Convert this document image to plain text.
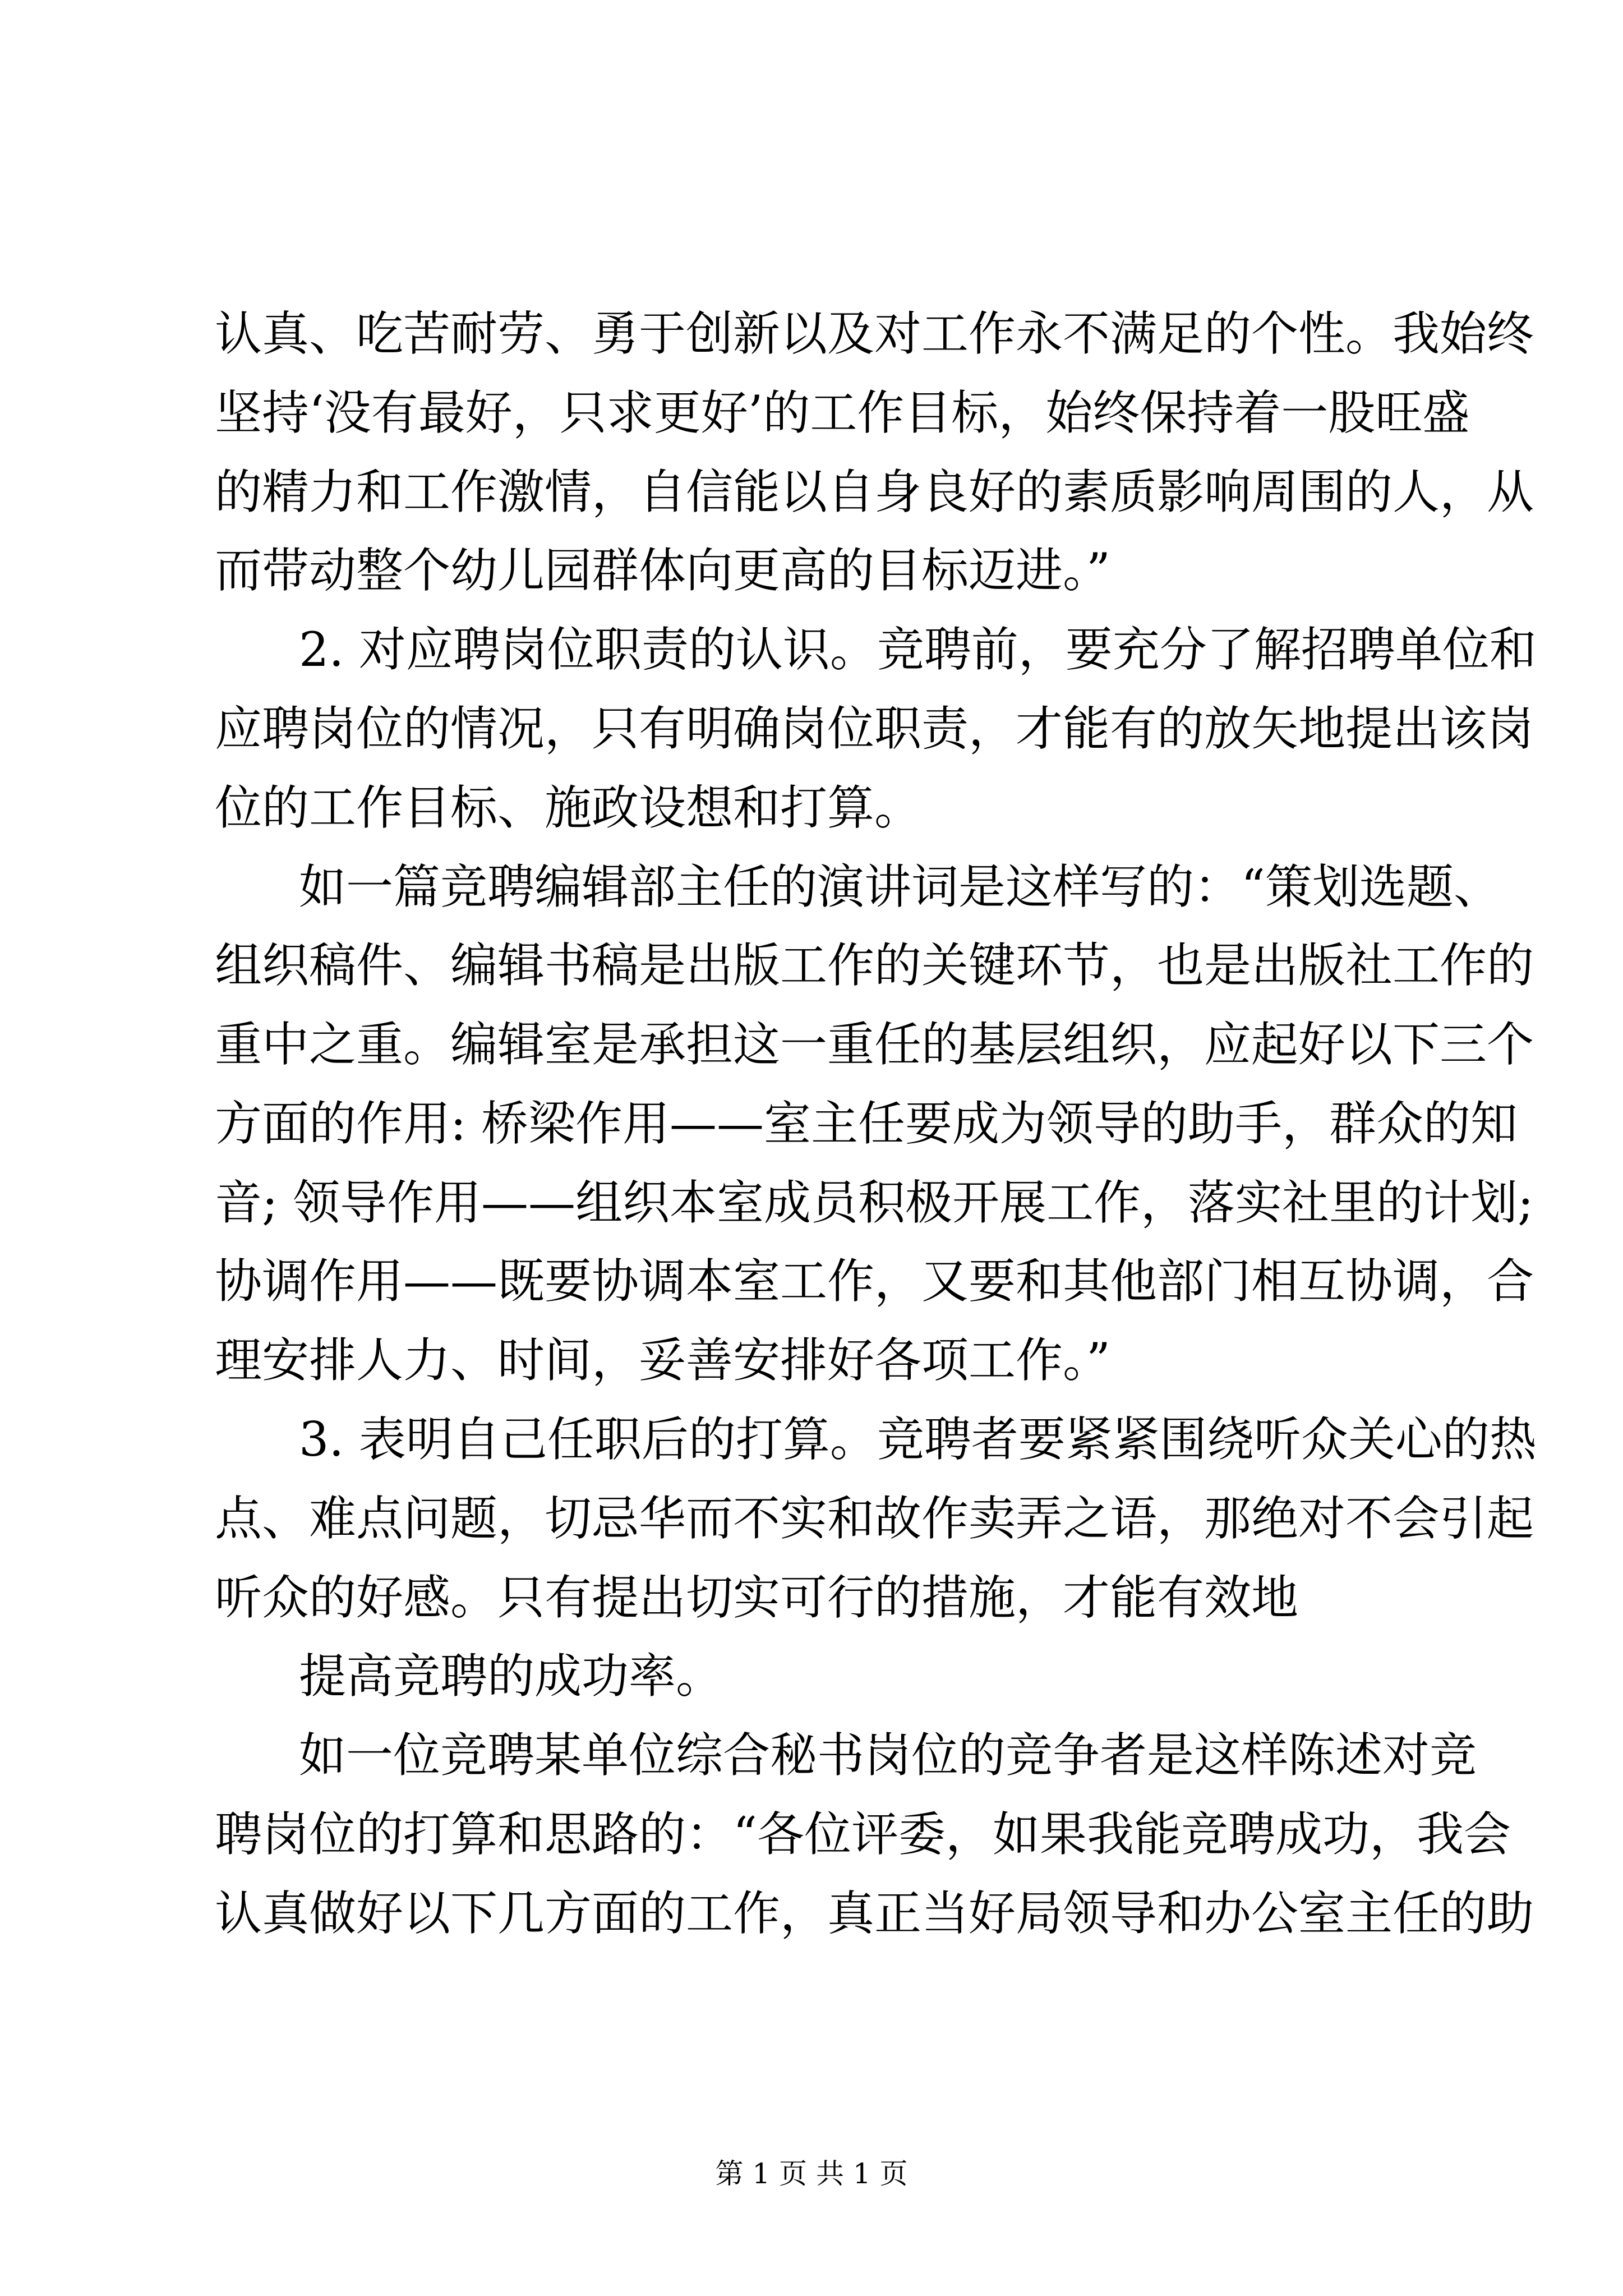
认真、吃苦耐劳、勇于创新以及对工作永不满足的个性。我始终
坚持‘没有最好，只求更好’的工作目标，始终保持着一股旺盛
的精力和工作激情，自信能以自身良好的素质影响周围的人，从
而带动整个幼儿园群体向更高的目标迈进。”
2. 对应聘岗位职责的认识。竞聘前，要充分了解招聘单位和
应聘岗位的情况，只有明确岗位职责，才能有的放矢地提出该岗
位的工作目标、施政设想和打算。
如一篇竞聘编辑部主任的演讲词是这样写的：“策划选题、
组织稿件、编辑书稿是出版工作的关键环节，也是出版社工作的
重中之重。编辑室是承担这一重任的基层组织，应起好以下三个
方面的作用: 桥梁作用——室主任要成为领导的助手，群众的知
音; 领导作用——组织本室成员积极开展工作，落实社里的计划;
协调作用——既要协调本室工作，又要和其他部门相互协调，合
理安排人力、时间，妥善安排好各项工作。”
3. 表明自己任职后的打算。竞聘者要紧紧围绕听众关心的热
点、难点问题，切忌华而不实和故作卖弄之语，那绝对不会引起
听众的好感。只有提出切实可行的措施，才能有效地
提高竞聘的成功率。
如一位竞聘某单位综合秘书岗位的竞争者是这样陈述对竞
聘岗位的打算和思路的：“各位评委，如果我能竞聘成功，我会
认真做好以下几方面的工作，真正当好局领导和办公室主任的助
第 1 页 共 1 页
